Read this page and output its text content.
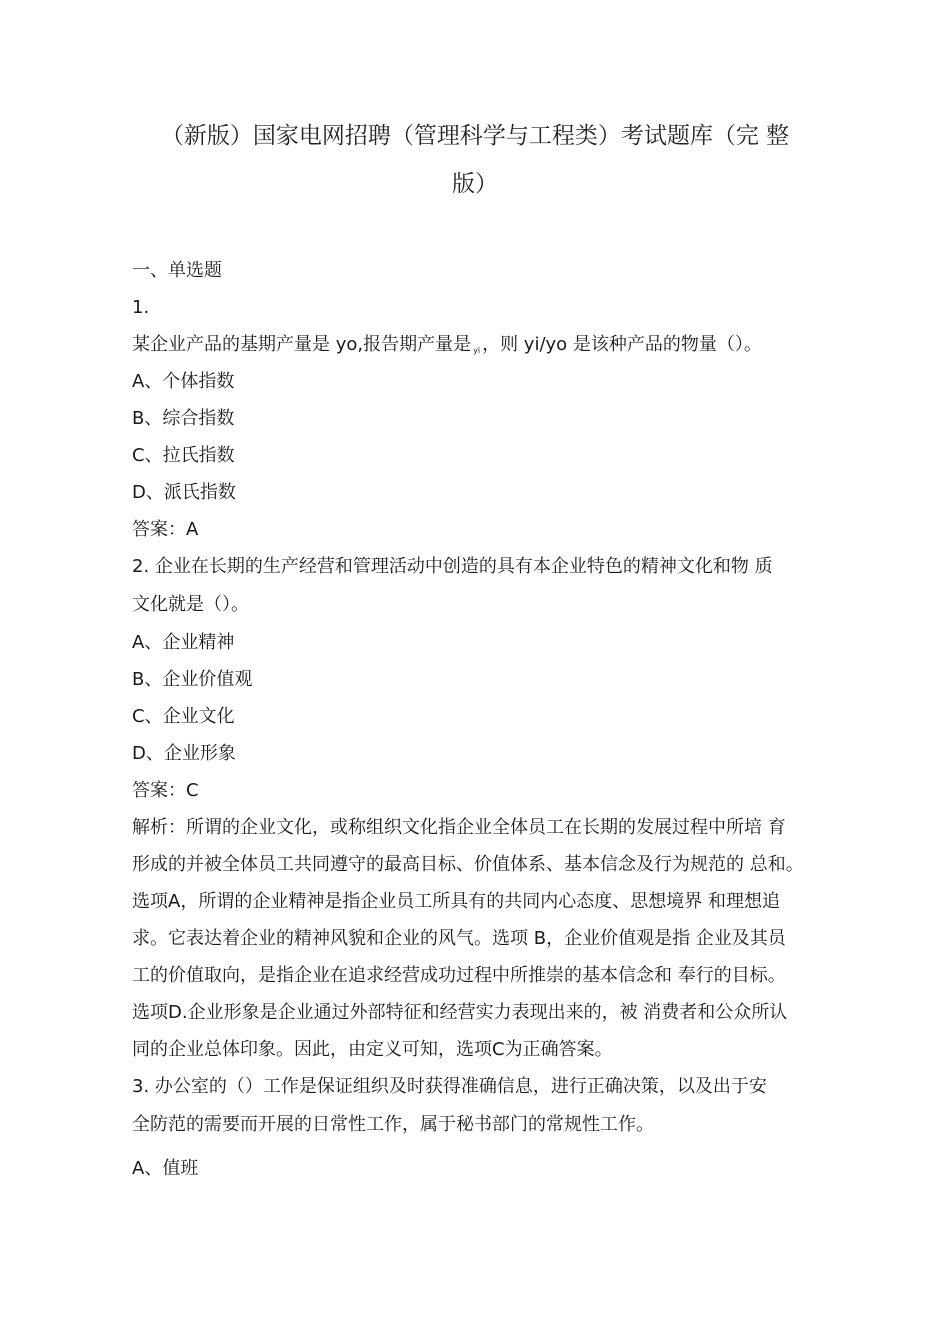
（新版）国家电网招聘（管理科学与工程类）考试题库（完 整
版）
一、单选题
1.
某企业产品的基期产量是 yo,报告期产量是 $_{yi}$ ，则 yi/yo 是该种产品的物量（）。
A、个体指数
B、综合指数
C、拉氏指数
D、派氏指数
答案：A
2. 企业在长期的生产经营和管理活动中创造的具有本企业特色的精神文化和物 质
文化就是（）。
A、企业精神
B、企业价值观
C、企业文化
D、企业形象
答案：C
解析：所谓的企业文化，或称组织文化指企业全体员工在长期的发展过程中所培 育
形成的并被全体员工共同遵守的最高目标、价值体系、基本信念及行为规范的 总和。
选项A，所谓的企业精神是指企业员工所具有的共同内心态度、思想境界 和理想追
求。它表达着企业的精神风貌和企业的风气。选项 B，企业价值观是指 企业及其员
工的价值取向，是指企业在追求经营成功过程中所推崇的基本信念和 奉行的目标。
选项D.企业形象是企业通过外部特征和经营实力表现出来的，被 消费者和公众所认
同的企业总体印象。因此，由定义可知，选项C为正确答案。
3. 办公室的（）工作是保证组织及时获得准确信息，进行正确决策，以及出于安
全防范的需要而开展的日常性工作，属于秘书部门的常规性工作。
A、值班
